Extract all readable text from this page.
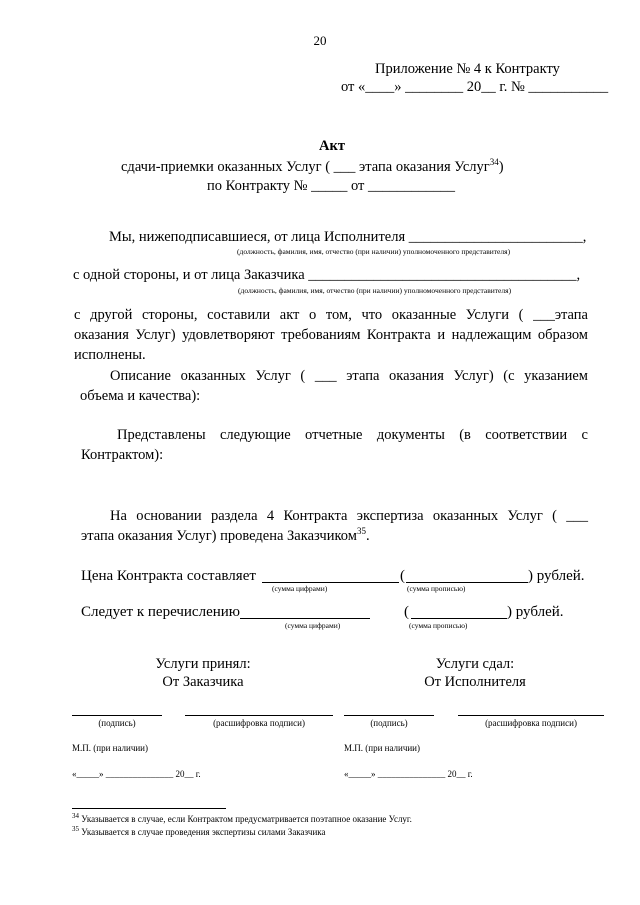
20
Приложение № 4 к Контракту
от «____» ________ 20__ г. № ___________
Акт
сдачи-приемки оказанных Услуг ( ___ этапа оказания Услуг$^{34}$)
по Контракту № _____ от ____________
Мы, нижеподписавшиеся, от лица Исполнителя ________________________,
(должность, фамилия, имя, отчество (при наличии) уполномоченного представителя)
с одной стороны, и от лица Заказчика _____________________________________,
(должность, фамилия, имя, отчество (при наличии) уполномоченного представителя)
с другой стороны, составили акт о том, что оказанные Услуги ( ___этапа
оказания Услуг) удовлетворяют требованиям Контракта и надлежащим образом
исполнены.
Описание оказанных Услуг ( ___ этапа оказания Услуг) (с указанием
объема и качества):
Представлены следующие отчетные документы (в соответствии с
Контрактом):
На основании раздела 4 Контракта экспертиза оказанных Услуг ( ___
этапа оказания Услуг) проведена Заказчиком$^{35}$.
Цена Контракта составляет	(	) рублей.
(сумма цифрами)	(сумма прописью)
Следует к перечислению	(	) рублей.
(сумма цифрами)	(сумма прописью)
Услуги принял:
От Заказчика
Услуги сдал:
От Исполнителя
(подпись)	(расшифровка подписи)	(подпись)	(расшифровка подписи)
М.П. (при наличии)	М.П. (при наличии)
«_____» _______________ 20__ г.	«_____» _______________ 20__ г.
$^{34}$ Указывается в случае, если Контрактом предусматривается поэтапное оказание Услуг.
$^{35}$ Указывается в случае проведения экспертизы силами Заказчика
